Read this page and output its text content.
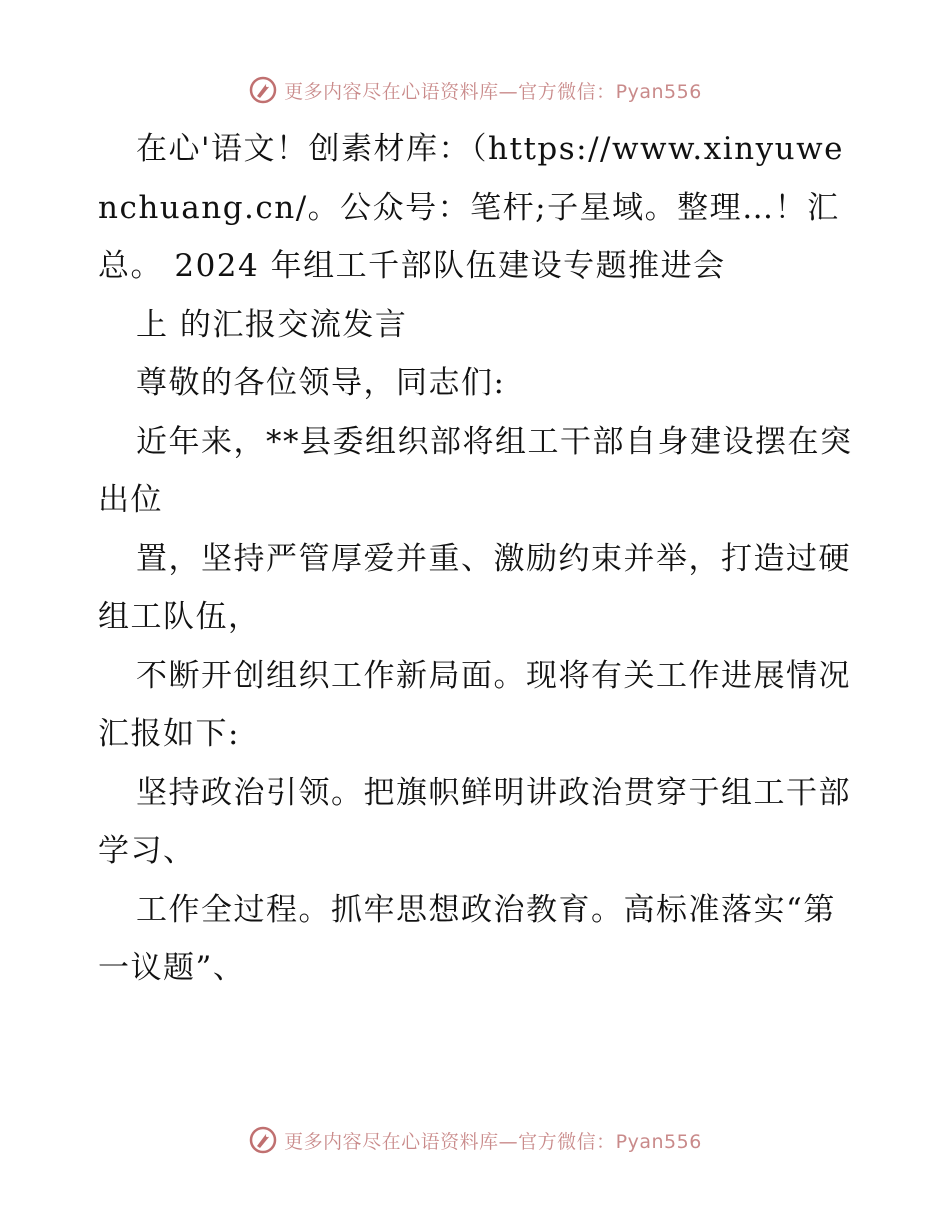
更多内容尽在心语资料库—官方微信：Pyan556

在心'语文！创素材库：（https://www.xinyuwenchuang.cn/。公众号：笔杆;子星域。整理…！汇总。 2024 年组工千部队伍建设专题推进会

上 的汇报交流发言

尊敬的各位领导，同志们:

近年来，**县委组织部将组工干部自身建设摆在突出位

置，坚持严管厚爱并重、激励约束并举，打造过硬组工队伍，

不断开创组织工作新局面。现将有关工作进展情况汇报如下:

坚持政治引领。把旗帜鲜明讲政治贯穿于组工干部学习、

工作全过程。抓牢思想政治教育。高标准落实“第一议题”、

更多内容尽在心语资料库—官方微信：Pyan556
